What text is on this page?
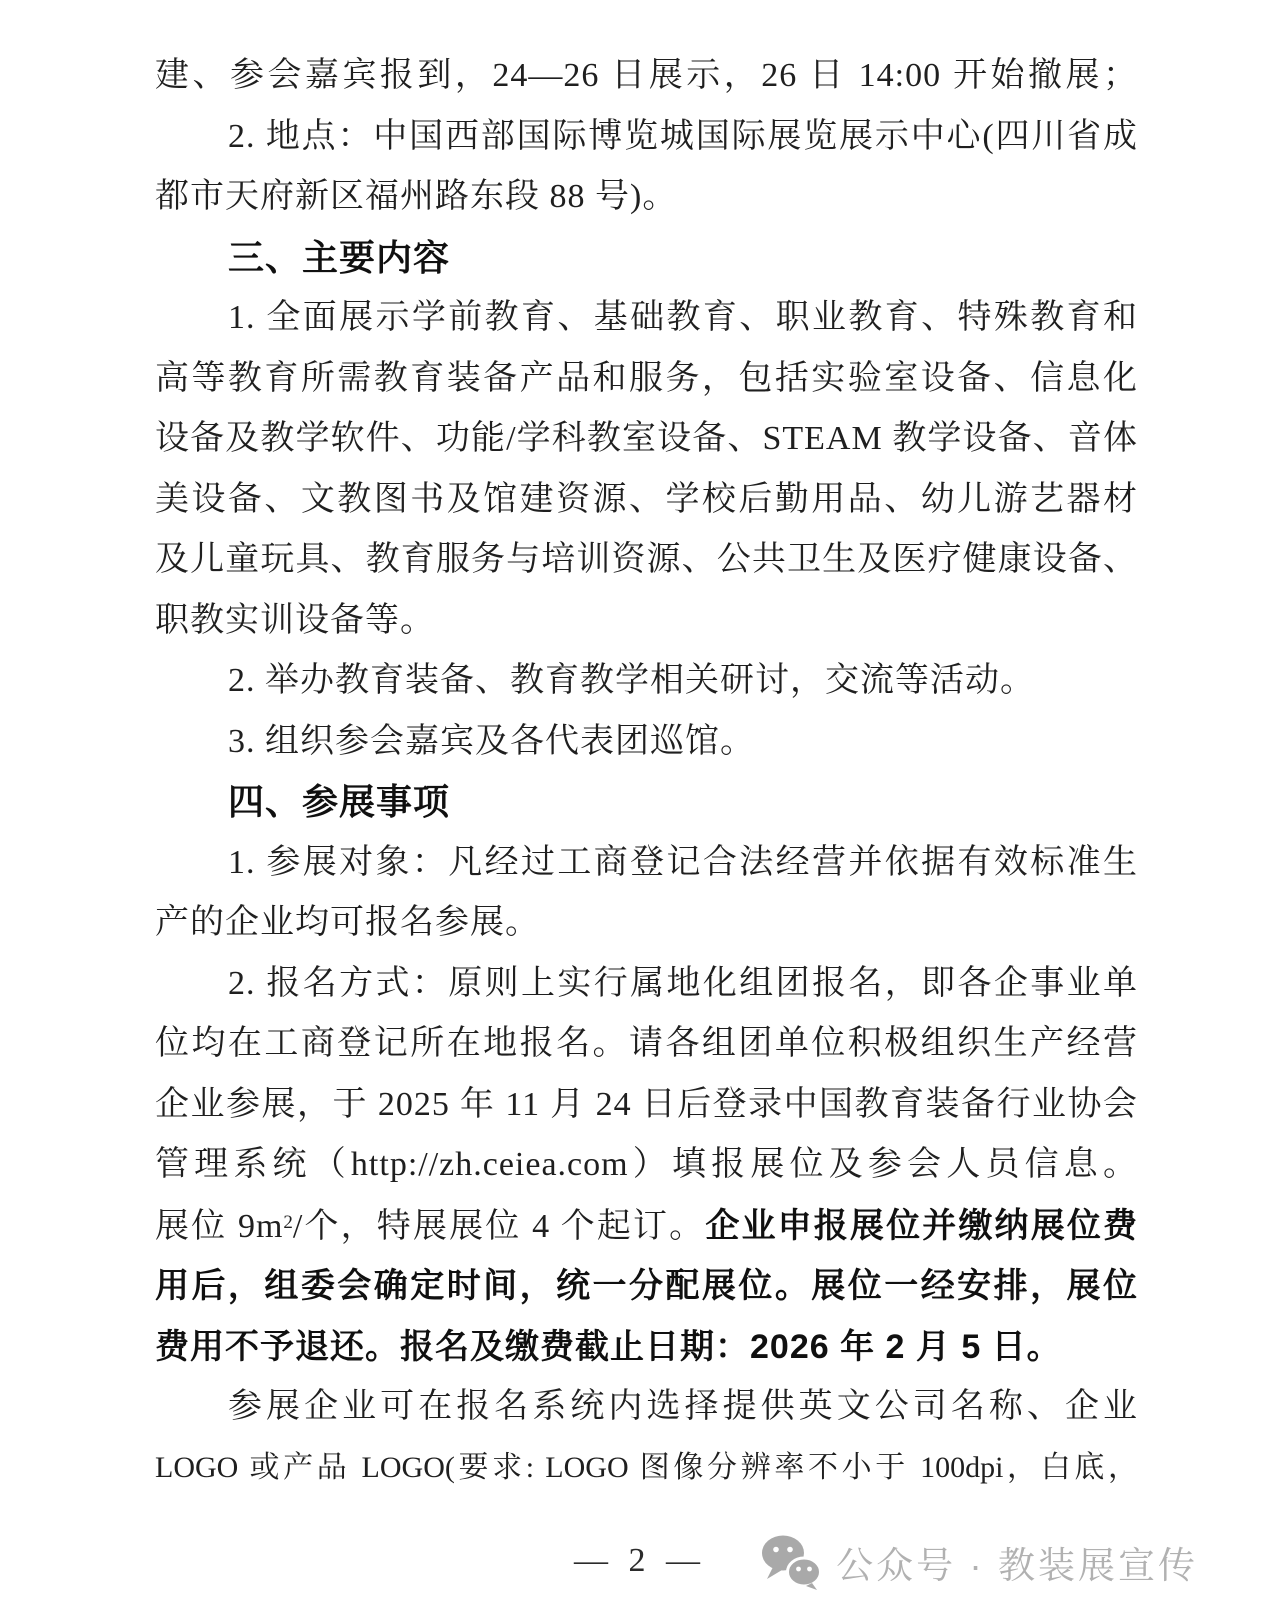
建、参会嘉宾报到，24—26 日展示，26 日 14:00 开始撤展；
2. 地点：中国西部国际博览城国际展览展示中心(四川省成
都市天府新区福州路东段 88 号)。
三、主要内容
1. 全面展示学前教育、基础教育、职业教育、特殊教育和
高等教育所需教育装备产品和服务，包括实验室设备、信息化
设备及教学软件、功能/学科教室设备、STEAM 教学设备、音体
美设备、文教图书及馆建资源、学校后勤用品、幼儿游艺器材
及儿童玩具、教育服务与培训资源、公共卫生及医疗健康设备、
职教实训设备等。
2. 举办教育装备、教育教学相关研讨，交流等活动。
3. 组织参会嘉宾及各代表团巡馆。
四、参展事项
1. 参展对象：凡经过工商登记合法经营并依据有效标准生
产的企业均可报名参展。
2. 报名方式：原则上实行属地化组团报名，即各企事业单
位均在工商登记所在地报名。请各组团单位积极组织生产经营
企业参展，于 2025 年 11 月 24 日后登录中国教育装备行业协会
管理系统（http://zh.ceiea.com）填报展位及参会人员信息。
展位 $9m^2/$个，特展展位 4 个起订。企业申报展位并缴纳展位费
用后，组委会确定时间，统一分配展位。展位一经安排，展位
费用不予退还。报名及缴费截止日期：2026 年 2 月 5 日。
参展企业可在报名系统内选择提供英文公司名称、企业
LOGO 或产品 LOGO(要求: LOGO 图像分辨率不小于 100dpi，白底，
— 2 —	公众号 · 教装展宣传
